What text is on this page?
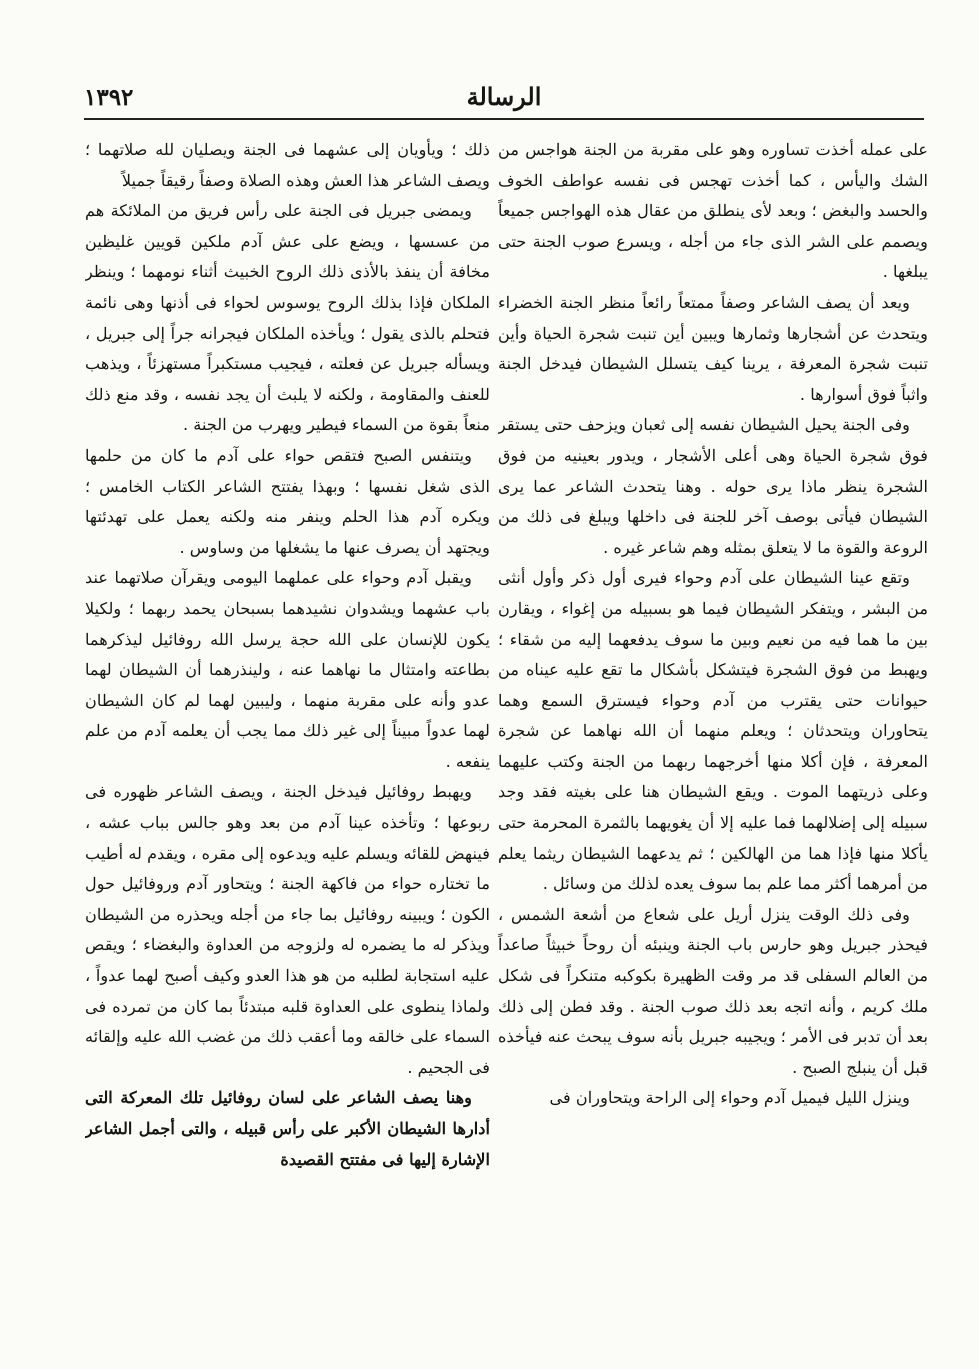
١٣٩٢	الرسالة

على عمله أخذت تساوره وهو على مقربة من الجنة هواجس من الشك واليأس ، كما أخذت تهجس فى نفسه عواطف الخوف والحسد والبغض ؛ وبعد لأى ينطلق من عقال هذه الهواجس جميعاً ويصمم على الشر الذى جاء من أجله ، ويسرع صوب الجنة حتى يبلغها .

ويعد أن يصف الشاعر وصفاً ممتعاً رائعاً منظر الجنة الخضراء ويتحدث عن أشجارها وثمارها ويبين أين تنبت شجرة الحياة وأين تنبت شجرة المعرفة ، يرينا كيف يتسلل الشيطان فيدخل الجنة واثباً فوق أسوارها .

وفى الجنة يحيل الشيطان نفسه إلى ثعبان ويزحف حتى يستقر فوق شجرة الحياة وهى أعلى الأشجار ، ويدور بعينيه من فوق الشجرة ينظر ماذا يرى حوله . وهنا يتحدث الشاعر عما يرى الشيطان فيأتى بوصف آخر للجنة فى داخلها ويبلغ فى ذلك من الروعة والقوة ما لا يتعلق بمثله وهم شاعر غيره .

وتقع عينا الشيطان على آدم وحواء فيرى أول ذكر وأول أنثى من البشر ، ويتفكر الشيطان فيما هو بسبيله من إغواء ، ويقارن بين ما هما فيه من نعيم وبين ما سوف يدفعهما إليه من شقاء ؛ ويهبط من فوق الشجرة فيتشكل بأشكال ما تقع عليه عيناه من حيوانات حتى يقترب من آدم وحواء فيسترق السمع وهما يتحاوران ويتحدثان ؛ ويعلم منهما أن الله نهاهما عن شجرة المعرفة ، فإن أكلا منها أخرجهما ربهما من الجنة وكتب عليهما وعلى ذريتهما الموت . ويقع الشيطان هنا على بغيته فقد وجد سبيله إلى إضلالهما فما عليه إلا أن يغويهما بالثمرة المحرمة حتى يأكلا منها فإذا هما من الهالكين ؛ ثم يدعهما الشيطان ريثما يعلم من أمرهما أكثر مما علم بما سوف يعده لذلك من وسائل .

وفى ذلك الوقت ينزل أريل على شعاع من أشعة الشمس ، فيحذر جبريل وهو حارس باب الجنة وينبئه أن روحاً خبيثاً صاعداً من العالم السفلى قد مر وقت الظهيرة بكوكبه متنكراً فى شكل ملك كريم ، وأنه اتجه بعد ذلك صوب الجنة . وقد فطن إلى ذلك بعد أن تدبر فى الأمر ؛ ويجيبه جبريل بأنه سوف يبحث عنه فيأخذه قبل أن ينبلج الصبح .

وينزل الليل فيميل آدم وحواء إلى الراحة ويتحاوران فى

ذلك ؛ ويأويان إلى عشهما فى الجنة ويصليان لله صلاتهما ؛ ويصف الشاعر هذا العش وهذه الصلاة وصفاً رقيقاً جميلاً

ويمضى جبريل فى الجنة على رأس فريق من الملائكة هم من عسسها ، ويضع على عش آدم ملكين قويين غليظين مخافة أن ينفذ بالأذى ذلك الروح الخبيث أثناء نومهما ؛ وينظر الملكان فإذا بذلك الروح يوسوس لحواء فى أذنها وهى نائمة فتحلم بالذى يقول ؛ ويأخذه الملكان فيجرانه جراً إلى جبريل ، ويسأله جبريل عن فعلته ، فيجيب مستكبراً مستهزئاً ، ويذهب للعنف والمقاومة ، ولكنه لا يلبث أن يجد نفسه ، وقد منع ذلك منعاً بقوة من السماء فيطير ويهرب من الجنة .

ويتنفس الصبح فتقص حواء على آدم ما كان من حلمها الذى شغل نفسها ؛ وبهذا يفتتح الشاعر الكتاب الخامس ؛ ويكره آدم هذا الحلم وينفر منه ولكنه يعمل على تهدئتها ويجتهد أن يصرف عنها ما يشغلها من وساوس .

ويقبل آدم وحواء على عملهما اليومى ويقرآن صلاتهما عند باب عشهما ويشدوان نشيدهما بسبحان يحمد ربهما ؛ ولكيلا يكون للإنسان على الله حجة يرسل الله روفائيل ليذكرهما بطاعته وامتثال ما نهاهما عنه ، ولينذرهما أن الشيطان لهما عدو وأنه على مقربة منهما ، وليبين لهما لم كان الشيطان لهما عدواً مبيناً إلى غير ذلك مما يجب أن يعلمه آدم من علم ينفعه .

ويهبط روفائيل فيدخل الجنة ، ويصف الشاعر ظهوره فى ربوعها ؛ وتأخذه عينا آدم من بعد وهو جالس بباب عشه ، فينهض للقائه ويسلم عليه ويدعوه إلى مقره ، ويقدم له أطيب ما تختاره حواء من فاكهة الجنة ؛ ويتحاور آدم وروفائيل حول الكون ؛ ويبينه روفائيل بما جاء من أجله ويحذره من الشيطان ويذكر له ما يضمره له ولزوجه من العداوة والبغضاء ؛ ويقص عليه استجابة لطلبه من هو هذا العدو وكيف أصبح لهما عدواً ، ولماذا ينطوى على العداوة قلبه مبتدئاً بما كان من تمرده فى السماء على خالقه وما أعقب ذلك من غضب الله عليه وإلقائه فى الجحيم .

وهنا يصف الشاعر على لسان روفائيل تلك المعركة التى أدارها الشيطان الأكبر على رأس قبيله ، والتى أجمل الشاعر الإشارة إليها فى مفتتح القصيدة
